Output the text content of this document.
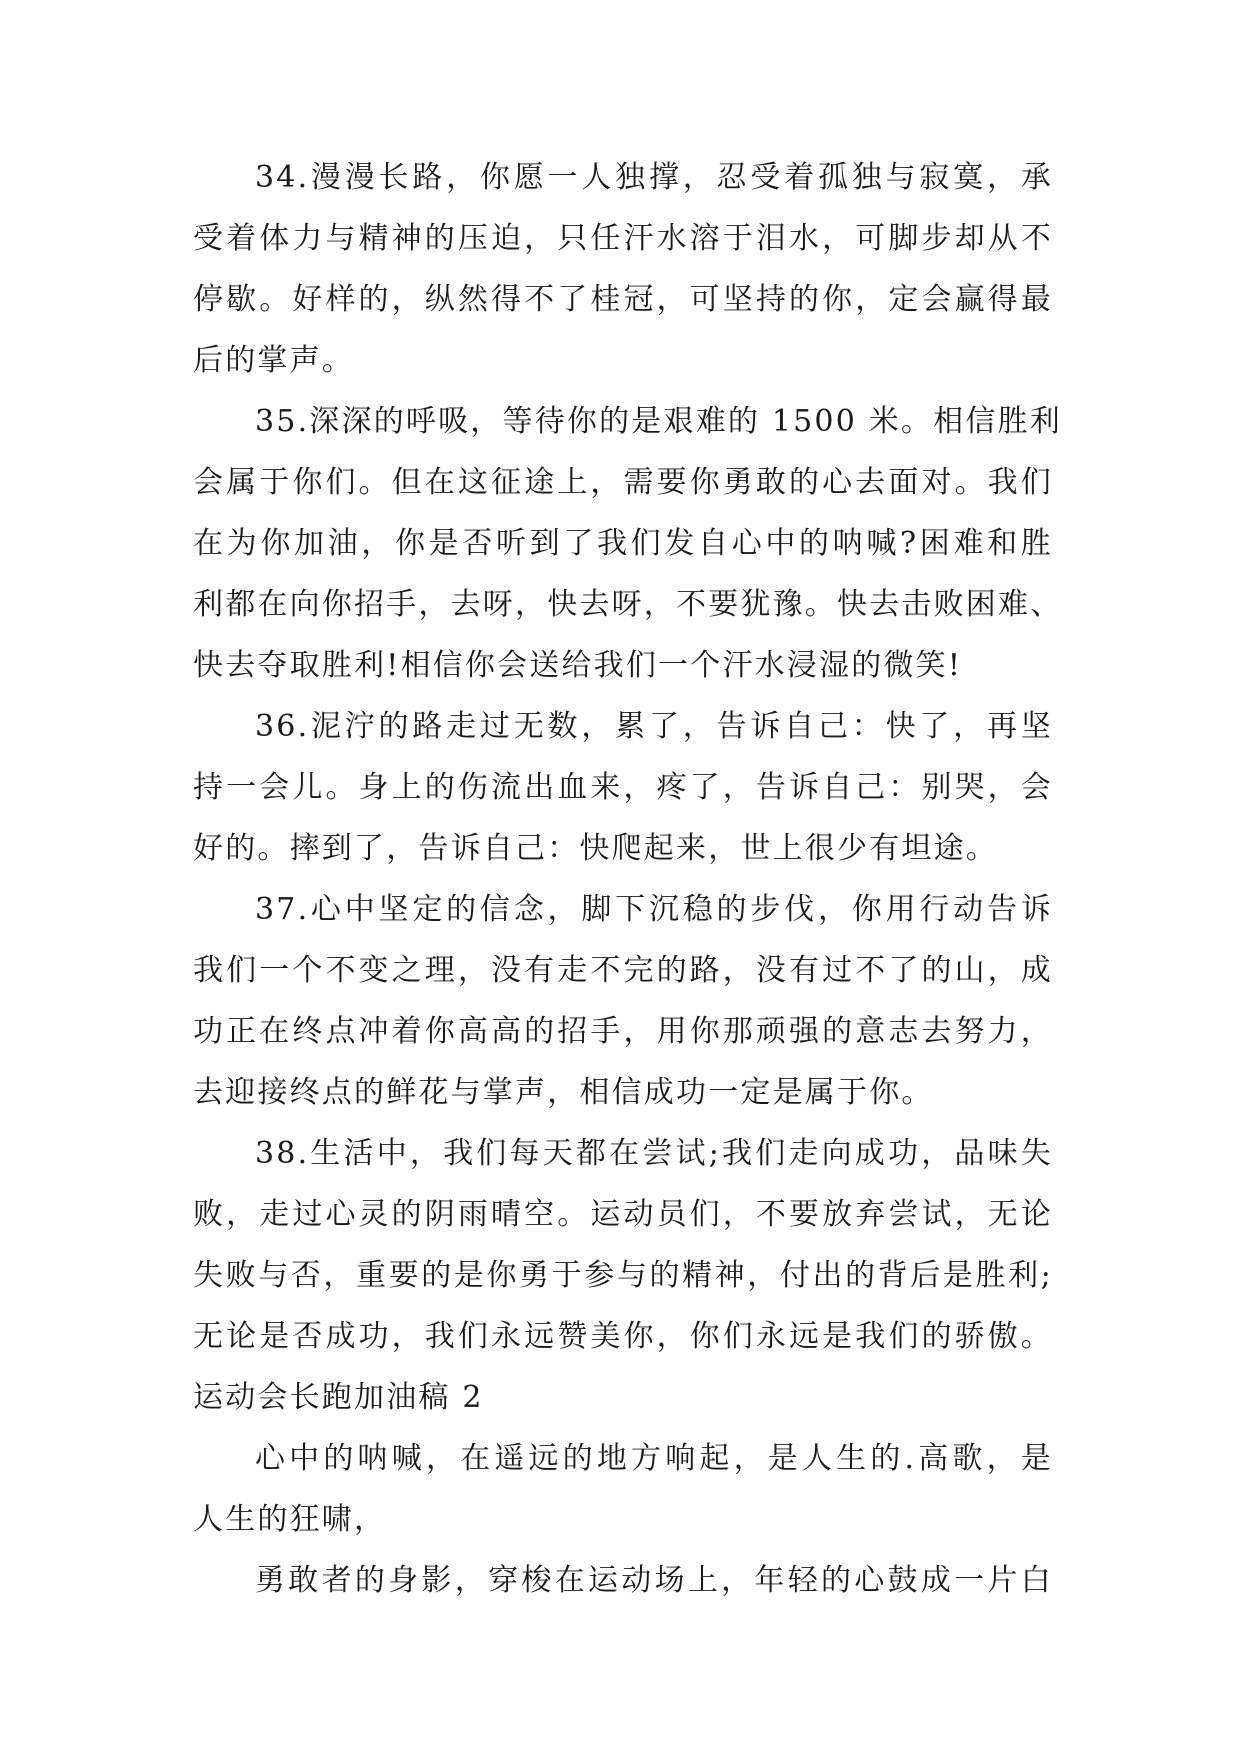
34.漫漫长路，你愿一人独撑，忍受着孤独与寂寞，承
受着体力与精神的压迫，只任汗水溶于泪水，可脚步却从不
停歇。好样的，纵然得不了桂冠，可坚持的你，定会赢得最
后的掌声。
35.深深的呼吸，等待你的是艰难的 1500 米。相信胜利
会属于你们。但在这征途上，需要你勇敢的心去面对。我们
在为你加油，你是否听到了我们发自心中的呐喊?困难和胜
利都在向你招手，去呀，快去呀，不要犹豫。快去击败困难、
快去夺取胜利!相信你会送给我们一个汗水浸湿的微笑!
36.泥泞的路走过无数，累了，告诉自己：快了，再坚
持一会儿。身上的伤流出血来，疼了，告诉自己：别哭，会
好的。摔到了，告诉自己：快爬起来，世上很少有坦途。
37.心中坚定的信念，脚下沉稳的步伐，你用行动告诉
我们一个不变之理，没有走不完的路，没有过不了的山，成
功正在终点冲着你高高的招手，用你那顽强的意志去努力，
去迎接终点的鲜花与掌声，相信成功一定是属于你。
38.生活中，我们每天都在尝试;我们走向成功，品味失
败，走过心灵的阴雨晴空。运动员们，不要放弃尝试，无论
失败与否，重要的是你勇于参与的精神，付出的背后是胜利;
无论是否成功，我们永远赞美你，你们永远是我们的骄傲。
运动会长跑加油稿 2
心中的呐喊，在遥远的地方响起，是人生的.高歌，是
人生的狂啸，
勇敢者的身影，穿梭在运动场上，年轻的心鼓成一片白
